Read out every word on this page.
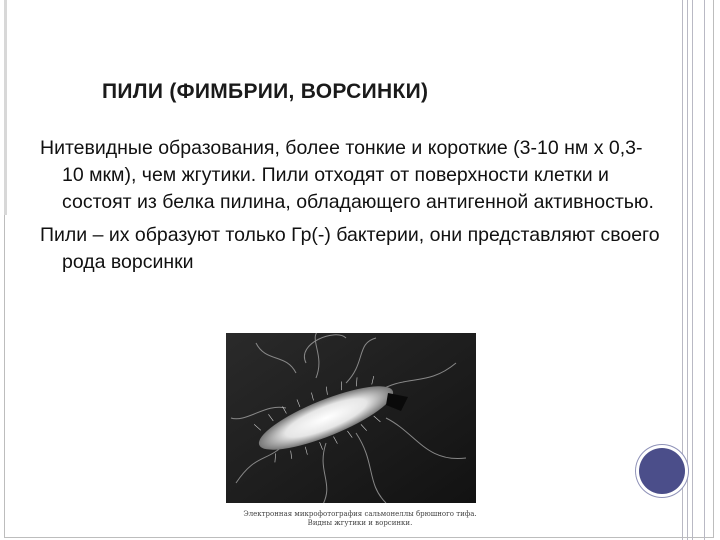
ПИЛИ (ФИМБРИИ, ВОРСИНКИ)

Нитевидные образования, более тонкие и короткие (3-10 нм х 0,3-10 мкм), чем жгутики. Пили отходят от поверхности клетки и состоят из белка пилина, обладающего антигенной активностью.

Пили – их образуют только Гр(-) бактерии, они представляют своего рода ворсинки

Электронная микрофотография сальмонеллы брюшного тифа.
Видны жгутики и ворсинки.
